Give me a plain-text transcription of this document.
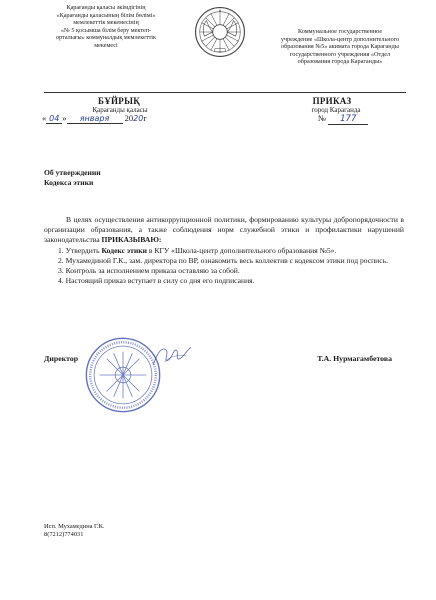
Қарағанды қаласы әкімдігінің
«Қарағанды қаласының білім бөлімі»
мемлекеттік мекемесінің
«№ 5 қосымша білім беру мектеп-
орталығы» коммуналдық мемлекеттік
мекемесі
Коммунальное государственное
учреждение «Школа-центр дополнительного
образования №5» акимата города Караганды
государственного учреждения «Отдел
образования города Караганды»
БҰЙРЫҚ	ПРИКАЗ
Қарағанды қаласы	город Караганда
« 04 » января 2020г	№ 177
Об утверждении
Кодекса этики

В целях осуществления антикоррупционной политики, формированию культуры добропорядочности в организации образования, а также соблюдения норм служебной этики и профилактики нарушений законодательства ПРИКАЗЫВАЮ:

1. Утвердить Кодекс этики в КГУ «Школа-центр дополнительного образования №5».

2. Мухамединой Г.К., зам. директора по ВР, ознакомить весь коллектив с кодексом этики под роспись.

3. Контроль за исполнением приказа оставляю за собой.

4. Настоящий приказ вступает в силу со дня его подписания.

Директор	Т.А. Нурмагамбетова
Исп. Мухамедина Г.К.
8(7212)774031
